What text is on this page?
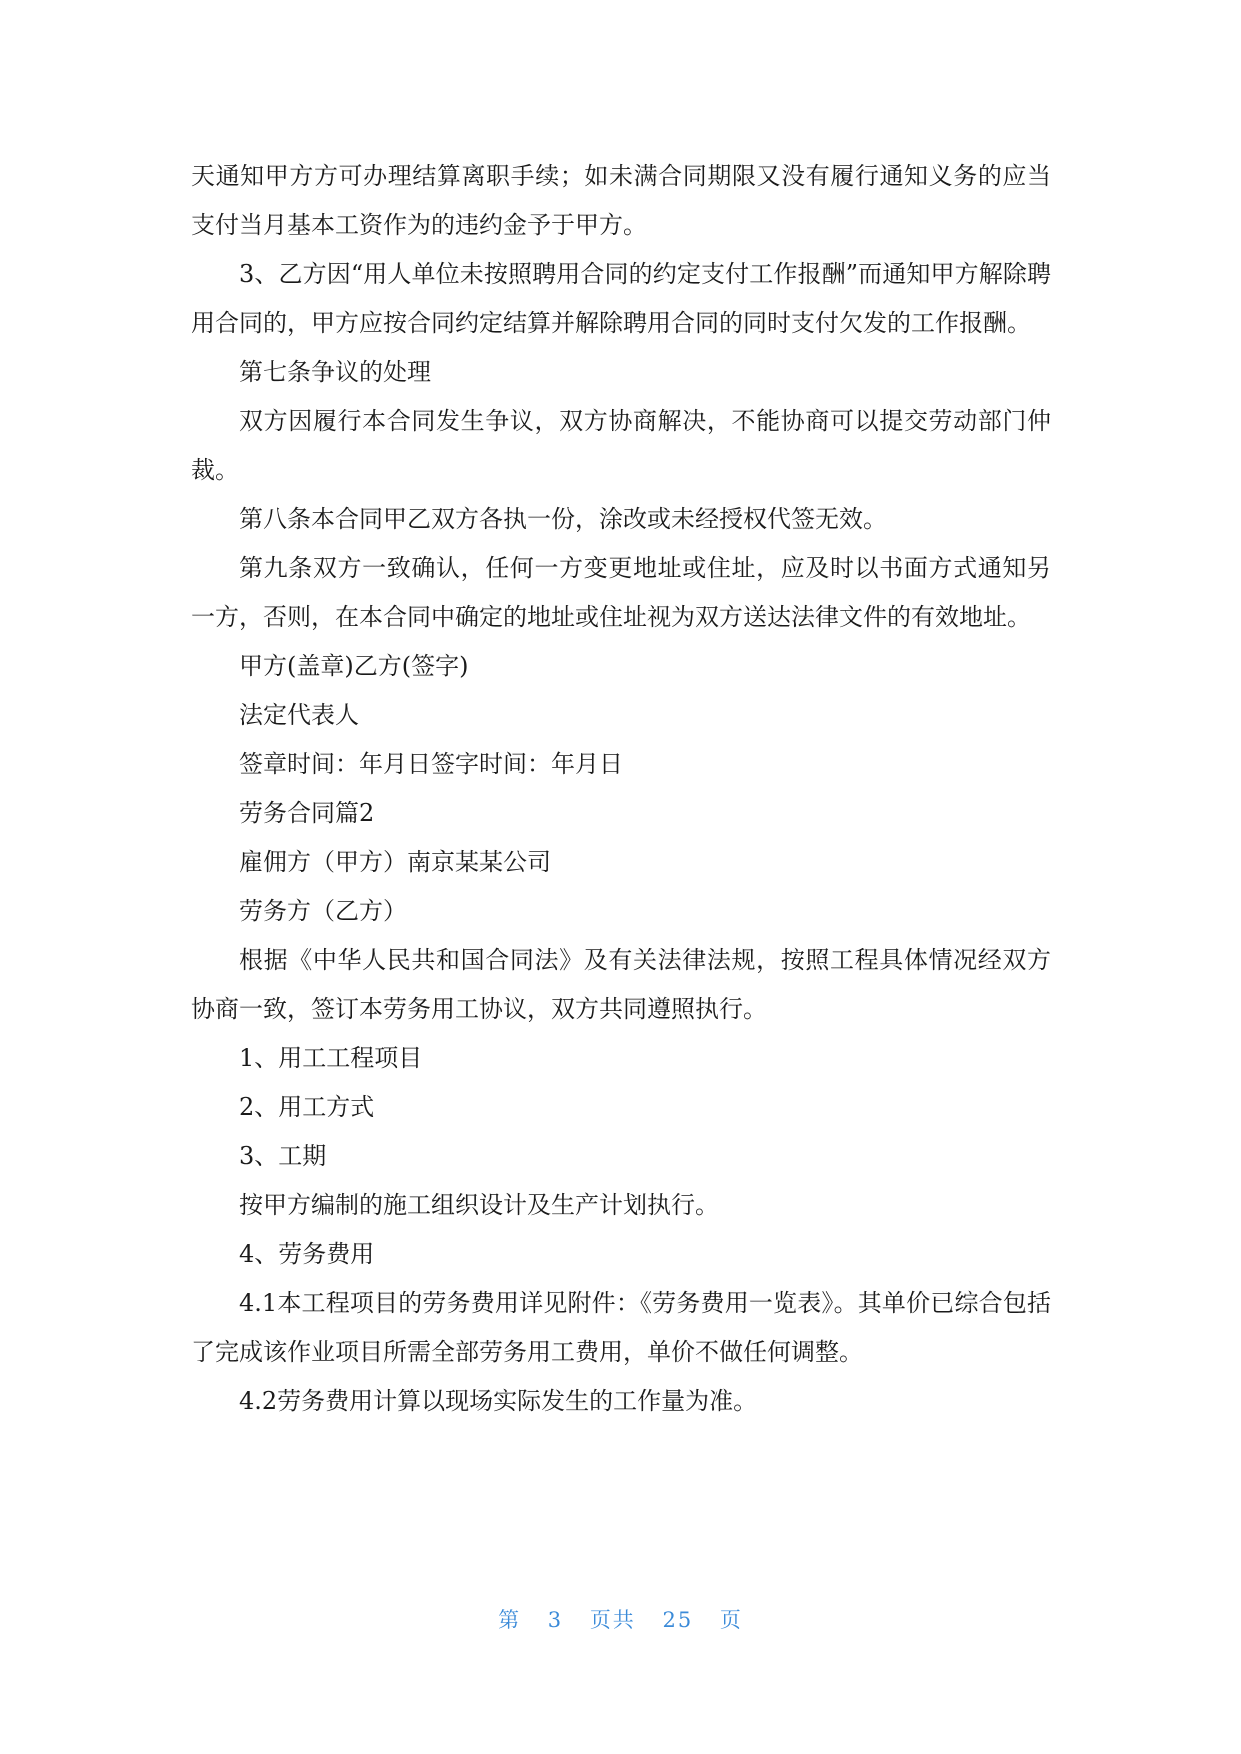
天通知甲方方可办理结算离职手续；如未满合同期限又没有履行通知义务的应当支付当月基本工资作为的违约金予于甲方。

3、乙方因“用人单位未按照聘用合同的约定支付工作报酬”而通知甲方解除聘用合同的，甲方应按合同约定结算并解除聘用合同的同时支付欠发的工作报酬。

第七条争议的处理

双方因履行本合同发生争议，双方协商解决，不能协商可以提交劳动部门仲裁。

第八条本合同甲乙双方各执一份，涂改或未经授权代签无效。

第九条双方一致确认，任何一方变更地址或住址，应及时以书面方式通知另一方，否则，在本合同中确定的地址或住址视为双方送达法律文件的有效地址。

甲方(盖章)乙方(签字)

法定代表人

签章时间：年月日签字时间：年月日

劳务合同篇2

雇佣方（甲方）南京某某公司

劳务方（乙方）

根据《中华人民共和国合同法》及有关法律法规，按照工程具体情况经双方协商一致，签订本劳务用工协议，双方共同遵照执行。

1、用工工程项目

2、用工方式

3、工期

按甲方编制的施工组织设计及生产计划执行。

4、劳务费用

4.1本工程项目的劳务费用详见附件：《劳务费用一览表》。其单价已综合包括了完成该作业项目所需全部劳务用工费用，单价不做任何调整。

4.2劳务费用计算以现场实际发生的工作量为准。

第 3 页共 25 页
